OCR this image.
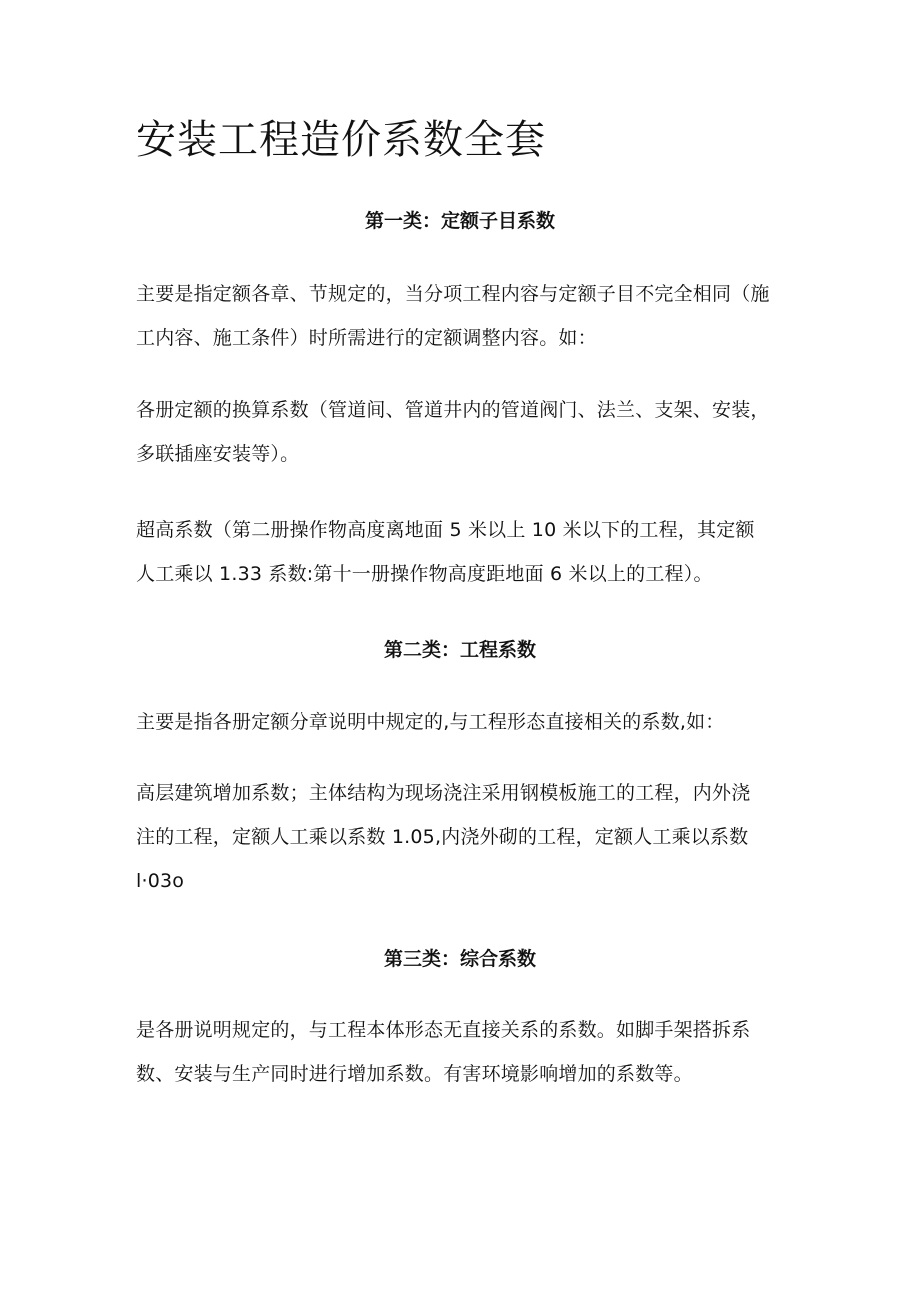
安装工程造价系数全套
第一类：定额子目系数
主要是指定额各章、节规定的，当分项工程内容与定额子目不完全相同（施
工内容、施工条件）时所需进行的定额调整内容。如：
各册定额的换算系数（管道间、管道井内的管道阀门、法兰、支架、安装，
多联插座安装等）。
超高系数（第二册操作物高度离地面 5 米以上 10 米以下的工程，其定额
人工乘以 1.33 系数:第十一册操作物高度距地面 6 米以上的工程）。
第二类：工程系数
主要是指各册定额分章说明中规定的,与工程形态直接相关的系数,如：
高层建筑增加系数；主体结构为现场浇注采用钢模板施工的工程，内外浇
注的工程，定额人工乘以系数 1.05,内浇外砌的工程，定额人工乘以系数
l·03o
第三类：综合系数
是各册说明规定的，与工程本体形态无直接关系的系数。如脚手架搭拆系
数、安装与生产同时进行增加系数。有害环境影响增加的系数等。
